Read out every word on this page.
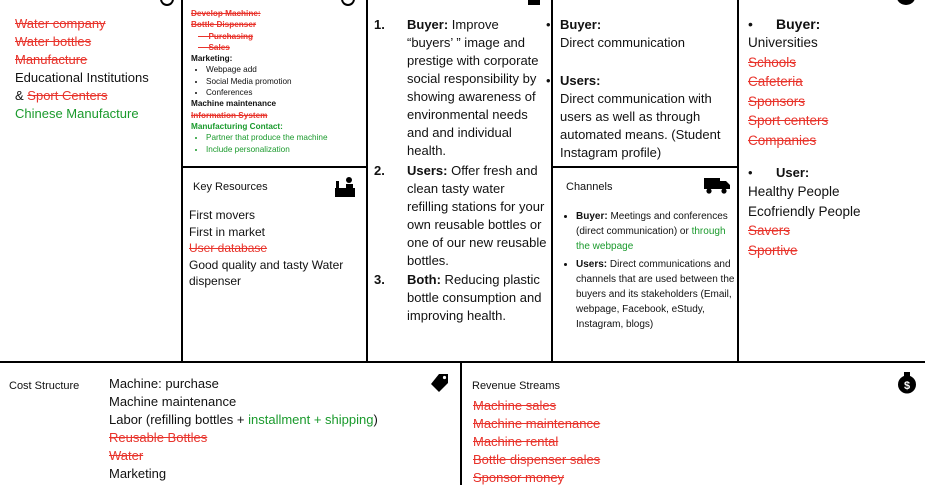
Water company
Water bottles
Manufacture
Educational Institutions
& Sport Centers
Chinese Manufacture
Develop Machine:
Bottle Dispenser
— Purchasing
— Sales
Marketing:
• Webpage add
• Social Media promotion
• Conferences
Machine maintenance
Information System
Manufacturing Contact:
• Partner that produce the machine
• Include personalization
Key Resources
First movers
First in market
User database
Good quality and tasty Water dispenser
1. Buyer: Improve “buyers’ ” image and prestige with corporate social responsibility by showing awareness of environmental needs and and individual health.
2. Users: Offer fresh and clean tasty water refilling stations for your own reusable bottles or one of our new reusable bottles.
3. Both: Reducing plastic bottle consumption and improving health.
• Buyer:
Direct communication
• Users:
Direct communication with users as well as through automated means. (Student Instagram profile)
Channels
• Buyer: Meetings and conferences (direct communication) or through the webpage
• Users: Direct communications and channels that are used between the buyers and its stakeholders (Email, webpage, Facebook, eStudy, Instagram, blogs)
• Buyer:
Universities
Schools
Cafeteria
Sponsors
Sport centers
Companies
• User:
Healthy People
Ecofriendly People
Savers
Sportive
Cost Structure Machine: purchase
Machine maintenance
Labor (refilling bottles + installment + shipping)
Reusable Bottles
Water
Marketing
Revenue Streams	$
Machine sales
Machine maintenance
Machine rental
Bottle dispenser sales
Sponsor money
